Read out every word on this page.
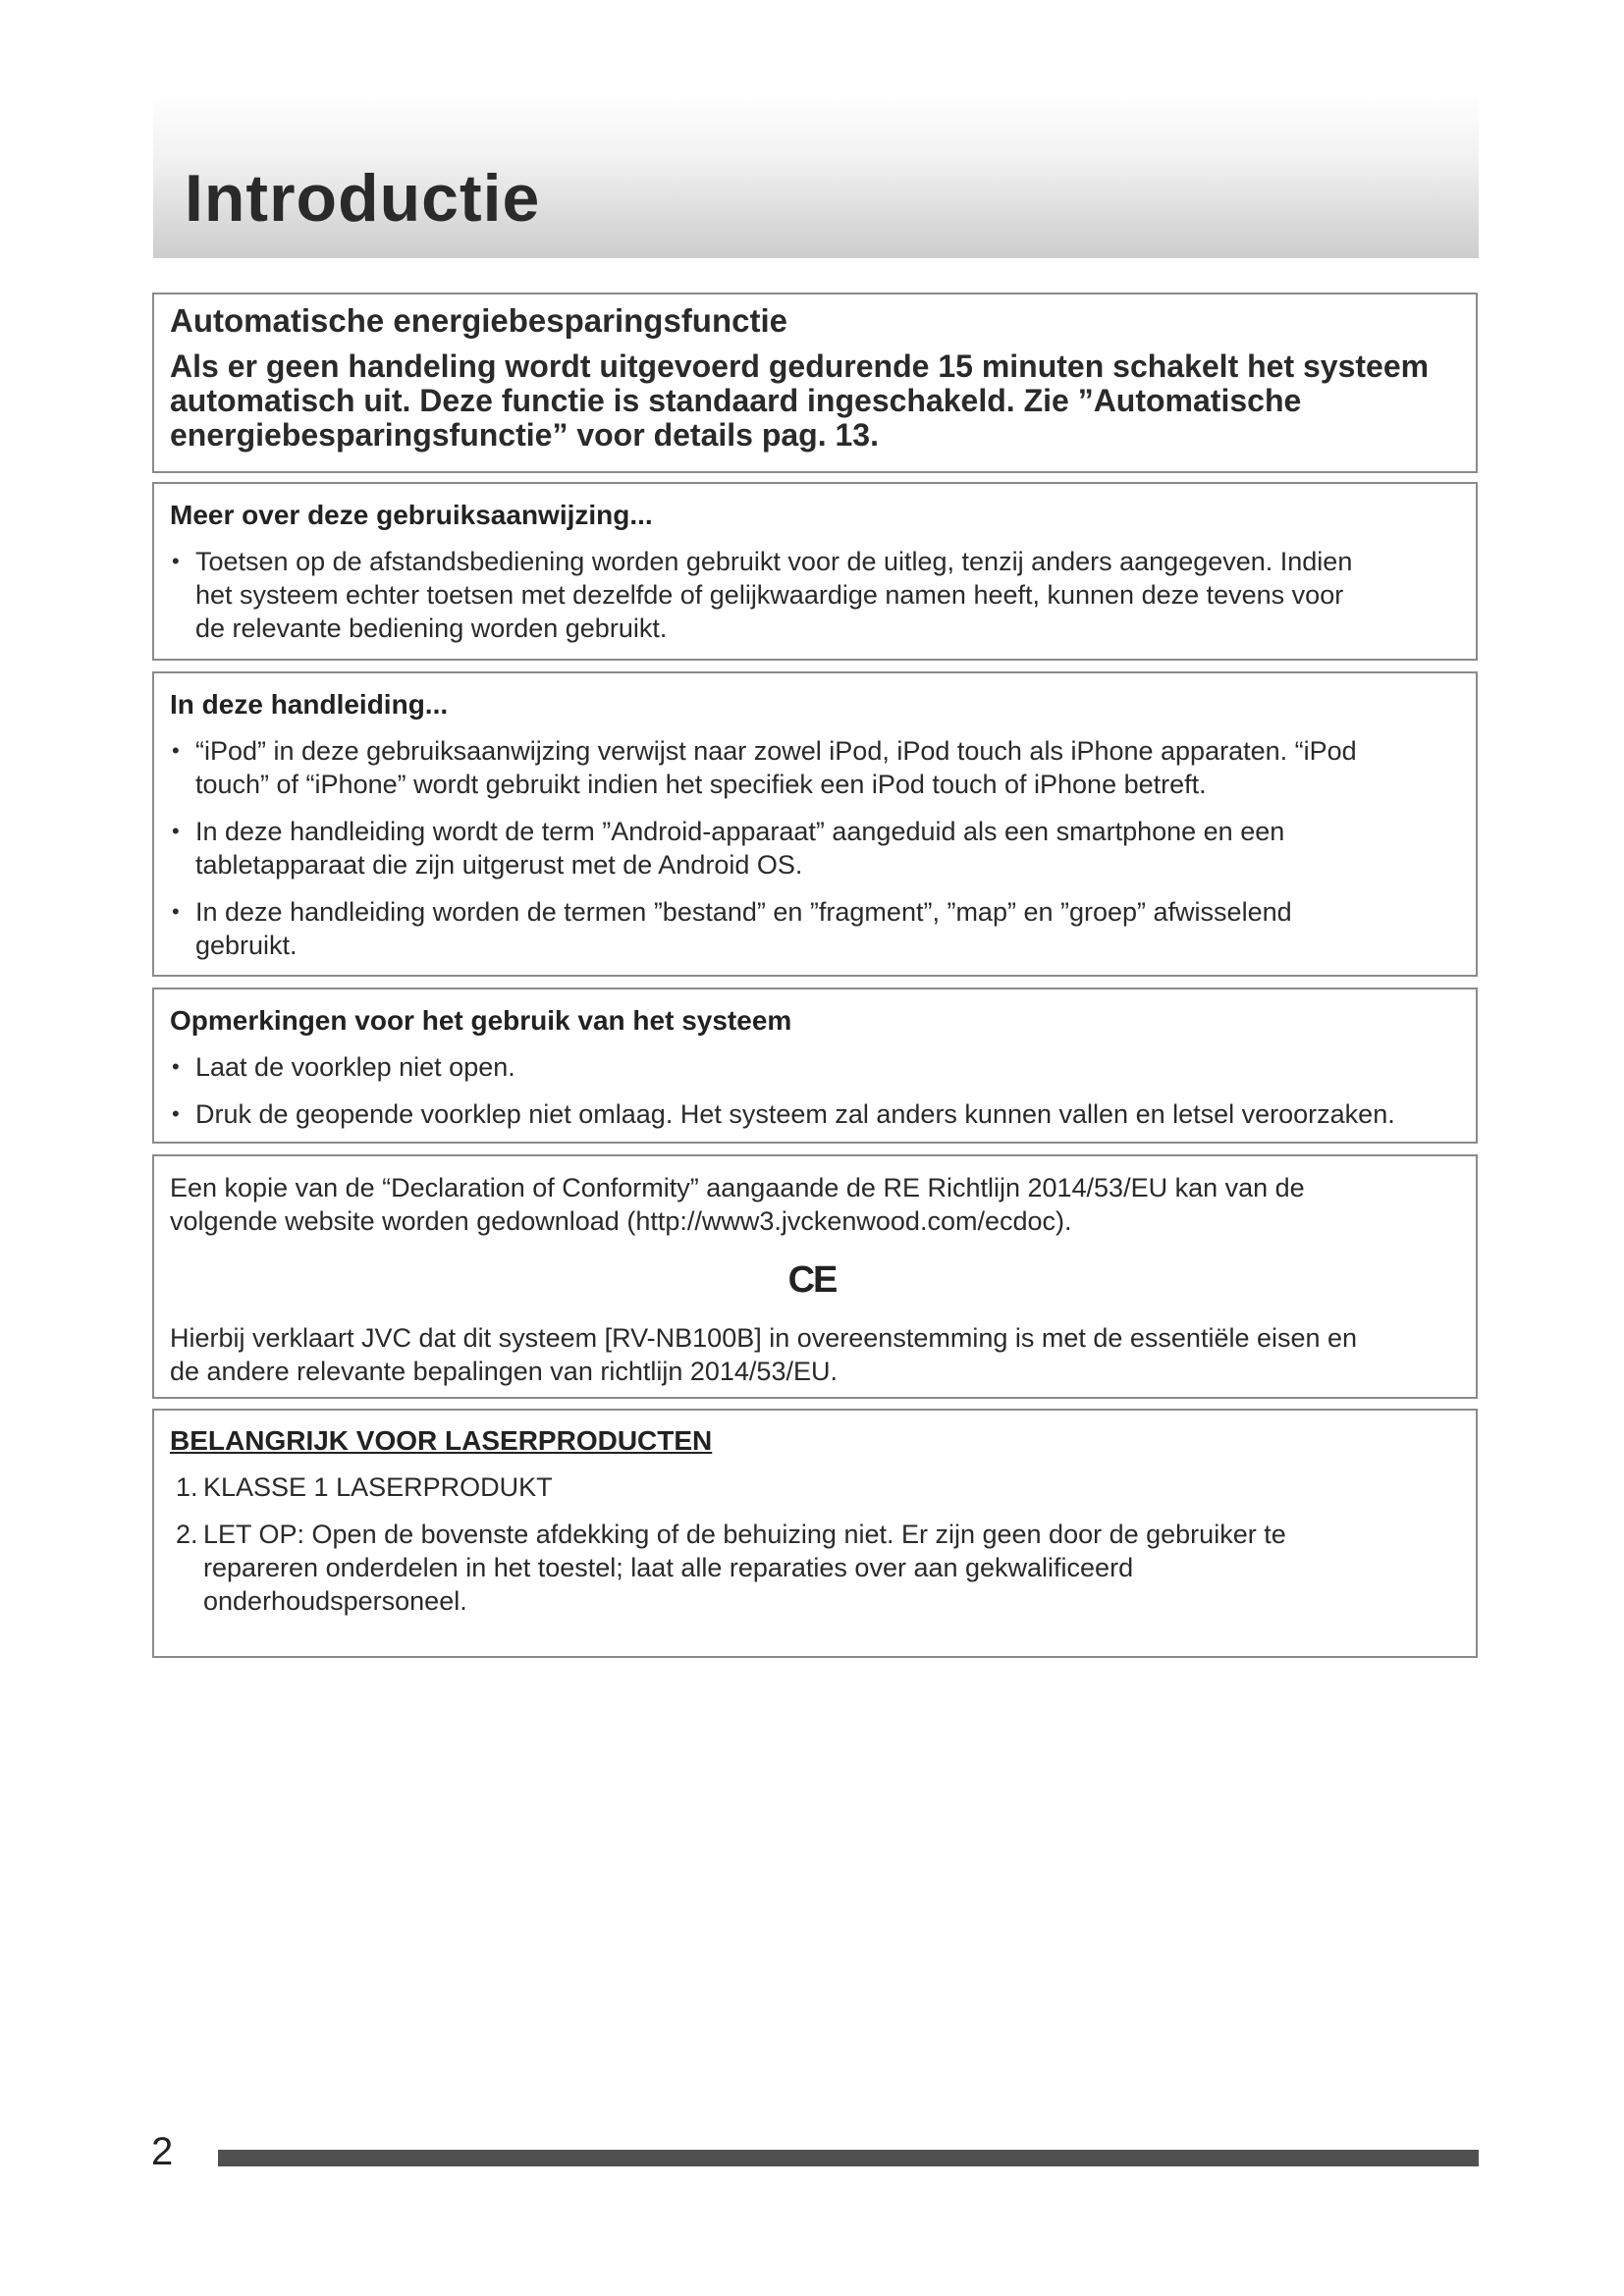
Introductie
Automatische energiebesparingsfunctie

Als er geen handeling wordt uitgevoerd gedurende 15 minuten schakelt het systeem
automatisch uit. Deze functie is standaard ingeschakeld. Zie ”Automatische
energiebesparingsfunctie” voor details pag. 13.

Meer over deze gebruiksaanwijzing...
• Toetsen op de afstandsbediening worden gebruikt voor de uitleg, tenzij anders aangegeven. Indien
het systeem echter toetsen met dezelfde of gelijkwaardige namen heeft, kunnen deze tevens voor
de relevante bediening worden gebruikt.
In deze handleiding...
• “iPod” in deze gebruiksaanwijzing verwijst naar zowel iPod, iPod touch als iPhone apparaten. “iPod
touch” of “iPhone” wordt gebruikt indien het specifiek een iPod touch of iPhone betreft.
• In deze handleiding wordt de term ”Android-apparaat” aangeduid als een smartphone en een
tabletapparaat die zijn uitgerust met de Android OS.
• In deze handleiding worden de termen ”bestand” en ”fragment”, ”map” en ”groep” afwisselend
gebruikt.
Opmerkingen voor het gebruik van het systeem
• Laat de voorklep niet open.
• Druk de geopende voorklep niet omlaag. Het systeem zal anders kunnen vallen en letsel veroorzaken.

Een kopie van de “Declaration of Conformity” aangaande de RE Richtlijn 2014/53/EU kan van de
volgende website worden gedownload (http://www3.jvckenwood.com/ecdoc).

CE

Hierbij verklaart JVC dat dit systeem [RV-NB100B] in overeenstemming is met de essentiële eisen en
de andere relevante bepalingen van richtlijn 2014/53/EU.

BELANGRIJK VOOR LASERPRODUCTEN
1. KLASSE 1 LASERPRODUKT
2. LET OP: Open de bovenste afdekking of de behuizing niet. Er zijn geen door de gebruiker te
repareren onderdelen in het toestel; laat alle reparaties over aan gekwalificeerd
onderhoudspersoneel.
2
